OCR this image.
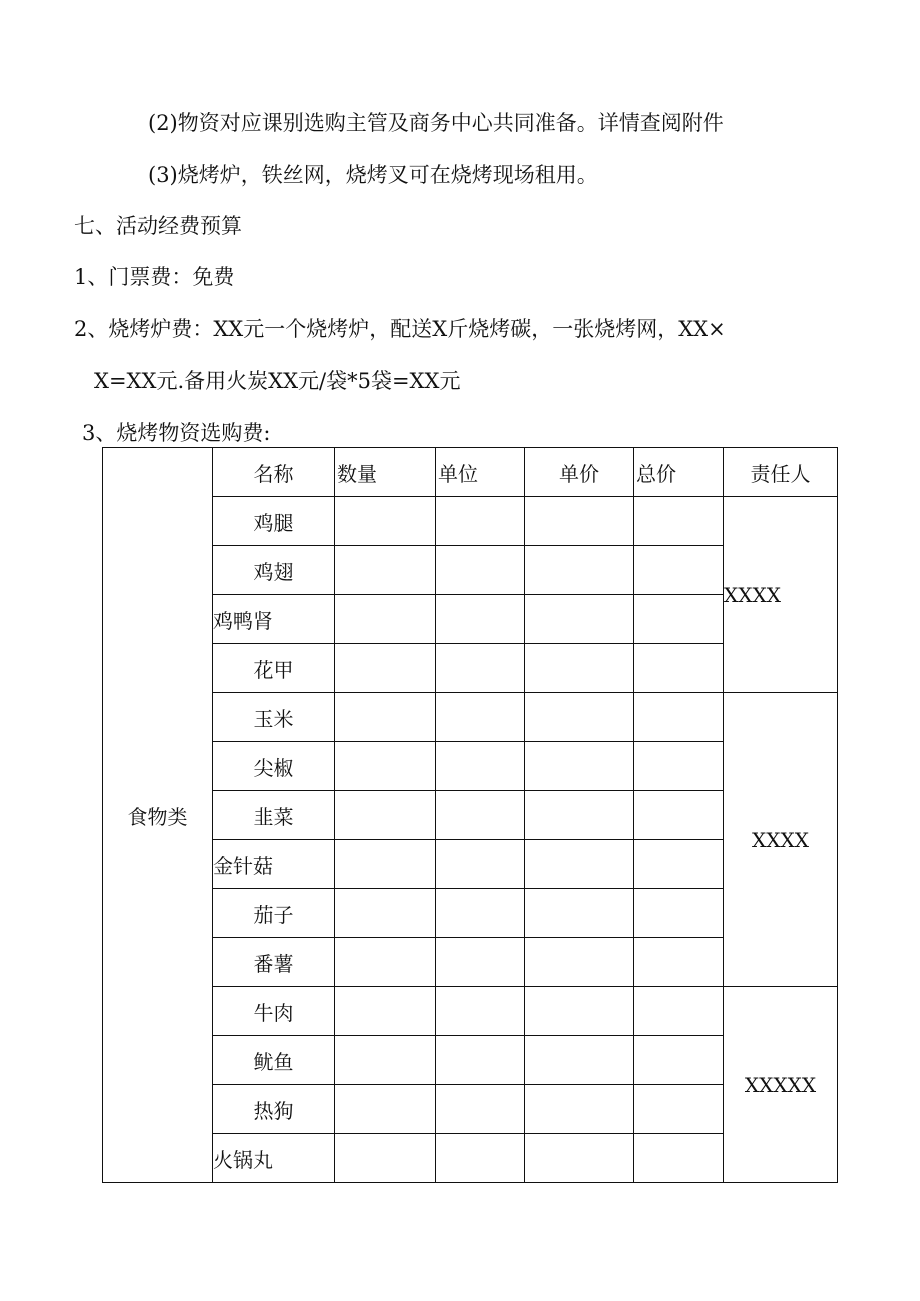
(2)物资对应课别选购主管及商务中心共同准备。详情查阅附件
(3)烧烤炉，铁丝网，烧烤叉可在烧烤现场租用。
七、活动经费预算
1、门票费：免费
2、烧烤炉费：XX元一个烧烤炉，配送X斤烧烤碳，一张烧烤网，XX×
X=XX元.备用火炭XX元/袋*5袋=XX元
3、烧烤物资选购费:
食物类	名称	数量	单位	单价	总价	责任人
	鸡腿					XXXX
	鸡翅					
	鸡鸭肾					
	花甲					
	玉米					XXXX
	尖椒					
	韭菜					
	金针菇					
	茄子					
	番薯					
	牛肉					XXXXX
	鱿鱼					
	热狗					
	火锅丸					
